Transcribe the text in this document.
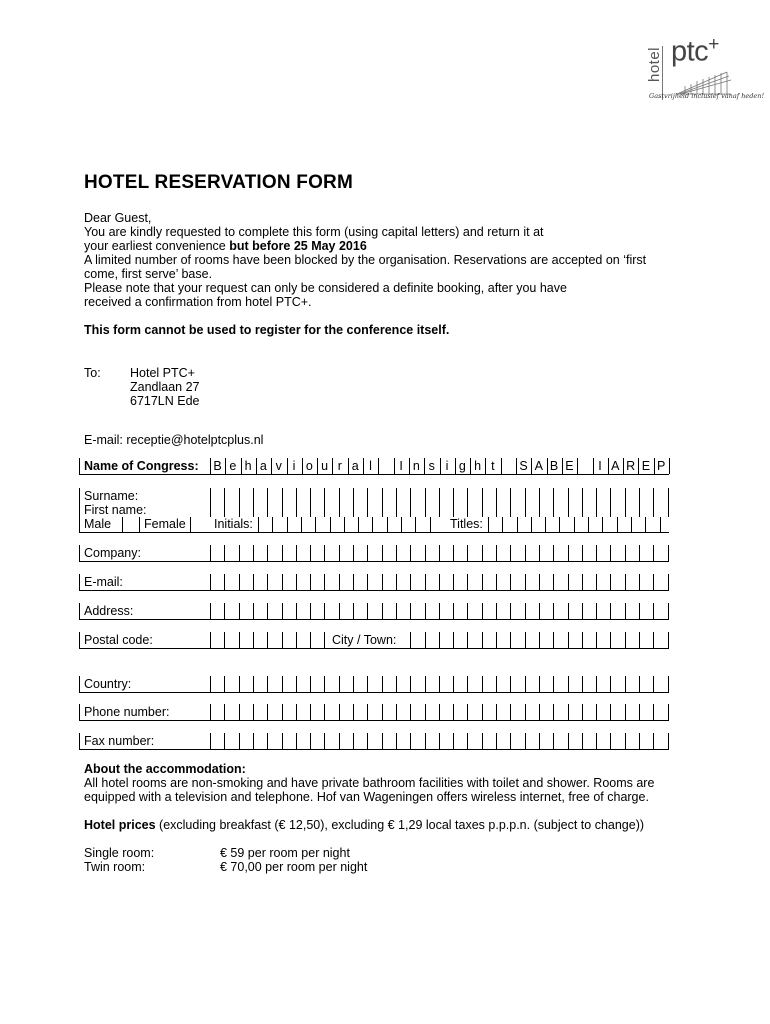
hotel ptc+
Gastvrijheid inclusief vanaf heden!
HOTEL RESERVATION FORM
Dear Guest,
You are kindly requested to complete this form (using capital letters) and return it at
your earliest convenience but before 25 May 2016
A limited number of rooms have been blocked by the organisation. Reservations are accepted on ‘first
come, first serve’ base.
Please note that your request can only be considered a definite booking, after you have
received a confirmation from hotel PTC+.
This form cannot be used to register for the conference itself.
To: Hotel PTC+
Zandlaan 27
6717LN Ede
E-mail: receptie@hotelptcplus.nl
Name of Congress: B e h a v i o u r a l	I n s i g h t	S A B E	I A R E P
Surname:
First name:
Male	Female Initials:	Titles:
Company:
E-mail:
Address:
Postal code:	City / Town:
Country:
Phone number:
Fax number:
About the accommodation:
All hotel rooms are non-smoking and have private bathroom facilities with toilet and shower. Rooms are
equipped with a television and telephone. Hof van Wageningen offers wireless internet, free of charge.
Hotel prices (excluding breakfast (€ 12,50), excluding € 1,29 local taxes p.p.p.n. (subject to change))
Single room:	€ 59 per room per night
Twin room:	€ 70,00 per room per night
